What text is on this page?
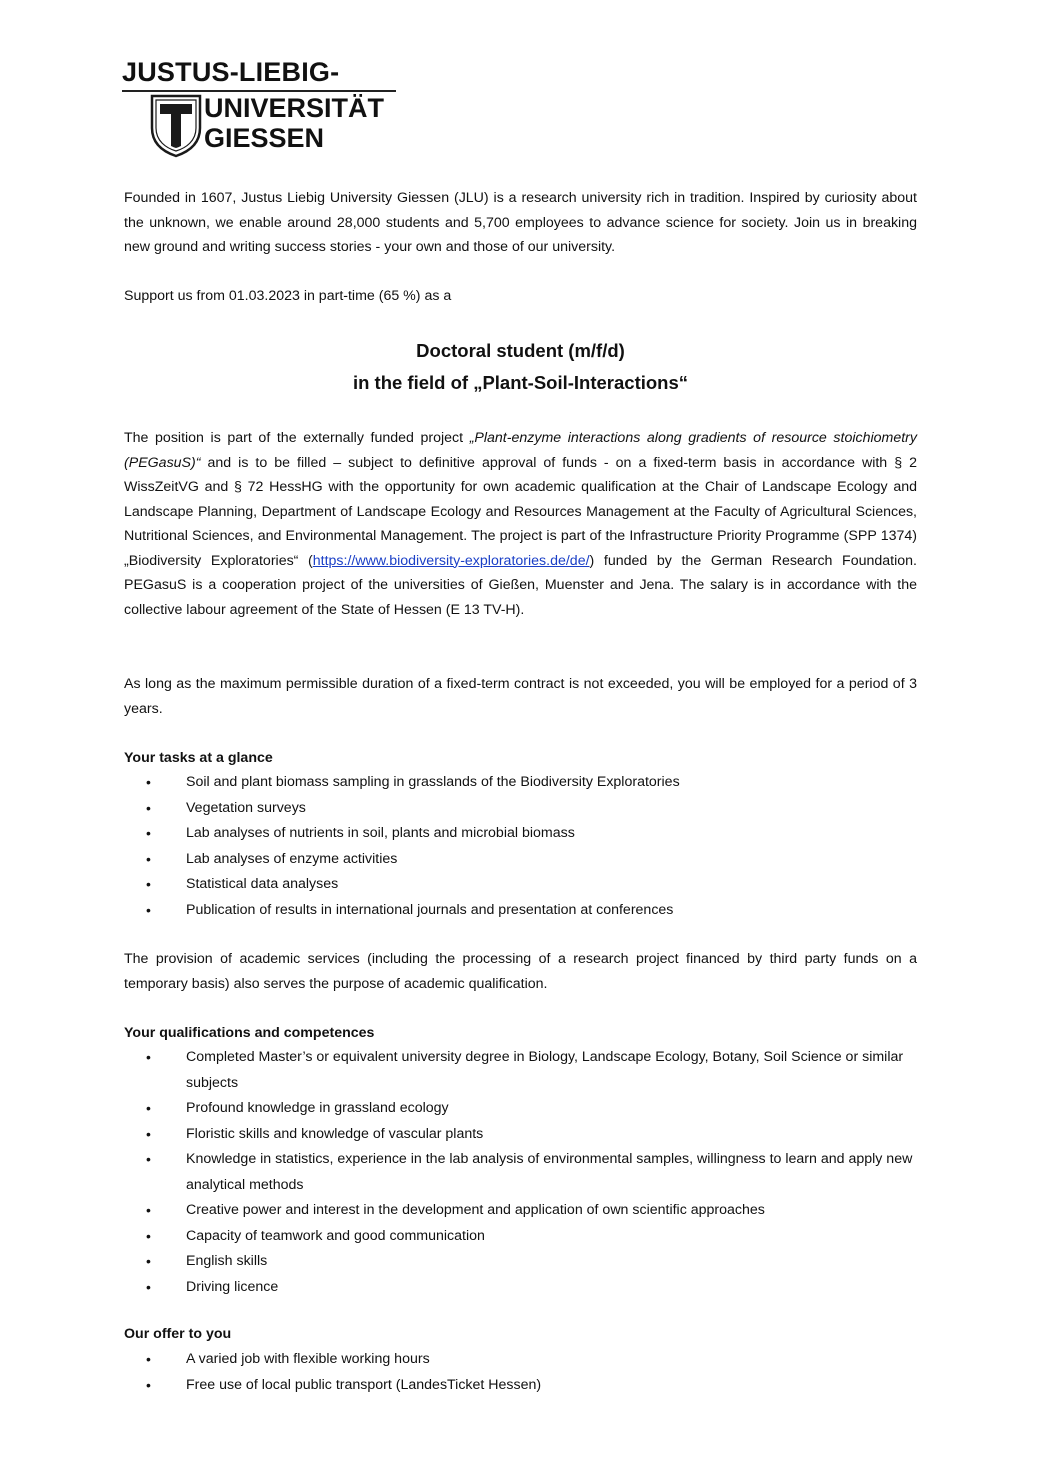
JUSTUS-LIEBIG-
UNIVERSITÄT
GIESSEN
Founded in 1607, Justus Liebig University Giessen (JLU) is a research university rich in tradition. Inspired by curiosity about the unknown, we enable around 28,000 students and 5,700 employees to advance science for society. Join us in breaking new ground and writing success stories - your own and those of our university.
Support us from 01.03.2023 in part-time (65 %) as a
Doctoral student (m/f/d)
in the field of „Plant-Soil-Interactions“
The position is part of the externally funded project „Plant-enzyme interactions along gradients of resource stoichiometry (PEGasuS)“ and is to be filled – subject to definitive approval of funds - on a fixed-term basis in accordance with § 2 WissZeitVG and § 72 HessHG with the opportunity for own academic qualification at the Chair of Landscape Ecology and Landscape Planning, Department of Landscape Ecology and Resources Management at the Faculty of Agricultural Sciences, Nutritional Sciences, and Environmental Management. The project is part of the Infrastructure Priority Programme (SPP 1374) „Biodiversity Exploratories“ (https://www.biodiversity-exploratories.de/de/) funded by the German Research Foundation. PEGasuS is a cooperation project of the universities of Gießen, Muenster and Jena. The salary is in accordance with the collective labour agreement of the State of Hessen (E 13 TV-H).
As long as the maximum permissible duration of a fixed-term contract is not exceeded, you will be employed for a period of 3 years.
Your tasks at a glance
• Soil and plant biomass sampling in grasslands of the Biodiversity Exploratories
• Vegetation surveys
• Lab analyses of nutrients in soil, plants and microbial biomass
• Lab analyses of enzyme activities
• Statistical data analyses
• Publication of results in international journals and presentation at conferences
The provision of academic services (including the processing of a research project financed by third party funds on a temporary basis) also serves the purpose of academic qualification.
Your qualifications and competences
• Completed Master’s or equivalent university degree in Biology, Landscape Ecology, Botany, Soil Science or similar subjects
• Profound knowledge in grassland ecology
• Floristic skills and knowledge of vascular plants
• Knowledge in statistics, experience in the lab analysis of environmental samples, willingness to learn and apply new analytical methods
• Creative power and interest in the development and application of own scientific approaches
• Capacity of teamwork and good communication
• English skills
• Driving licence
Our offer to you
• A varied job with flexible working hours
• Free use of local public transport (LandesTicket Hessen)
